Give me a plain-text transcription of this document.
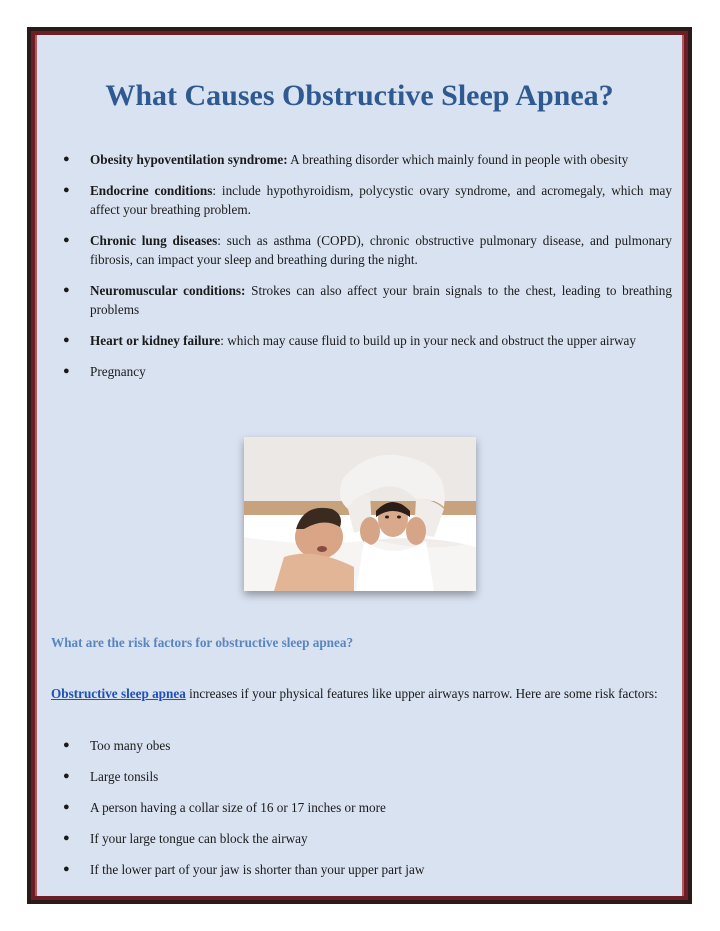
What Causes Obstructive Sleep Apnea?
● Obesity hypoventilation syndrome: A breathing disorder which mainly found in people with obesity
● Endocrine conditions: include hypothyroidism, polycystic ovary syndrome, and acromegaly, which may affect your breathing problem.
● Chronic lung diseases: such as asthma (COPD), chronic obstructive pulmonary disease, and pulmonary fibrosis, can impact your sleep and breathing during the night.
● Neuromuscular conditions: Strokes can also affect your brain signals to the chest, leading to breathing problems
● Heart or kidney failure: which may cause fluid to build up in your neck and obstruct the upper airway
● Pregnancy
What are the risk factors for obstructive sleep apnea?

Obstructive sleep apnea increases if your physical features like upper airways narrow. Here are some risk factors:

● Too many obes
● Large tonsils
● A person having a collar size of 16 or 17 inches or more
● If your large tongue can block the airway
● If the lower part of your jaw is shorter than your upper part jaw
